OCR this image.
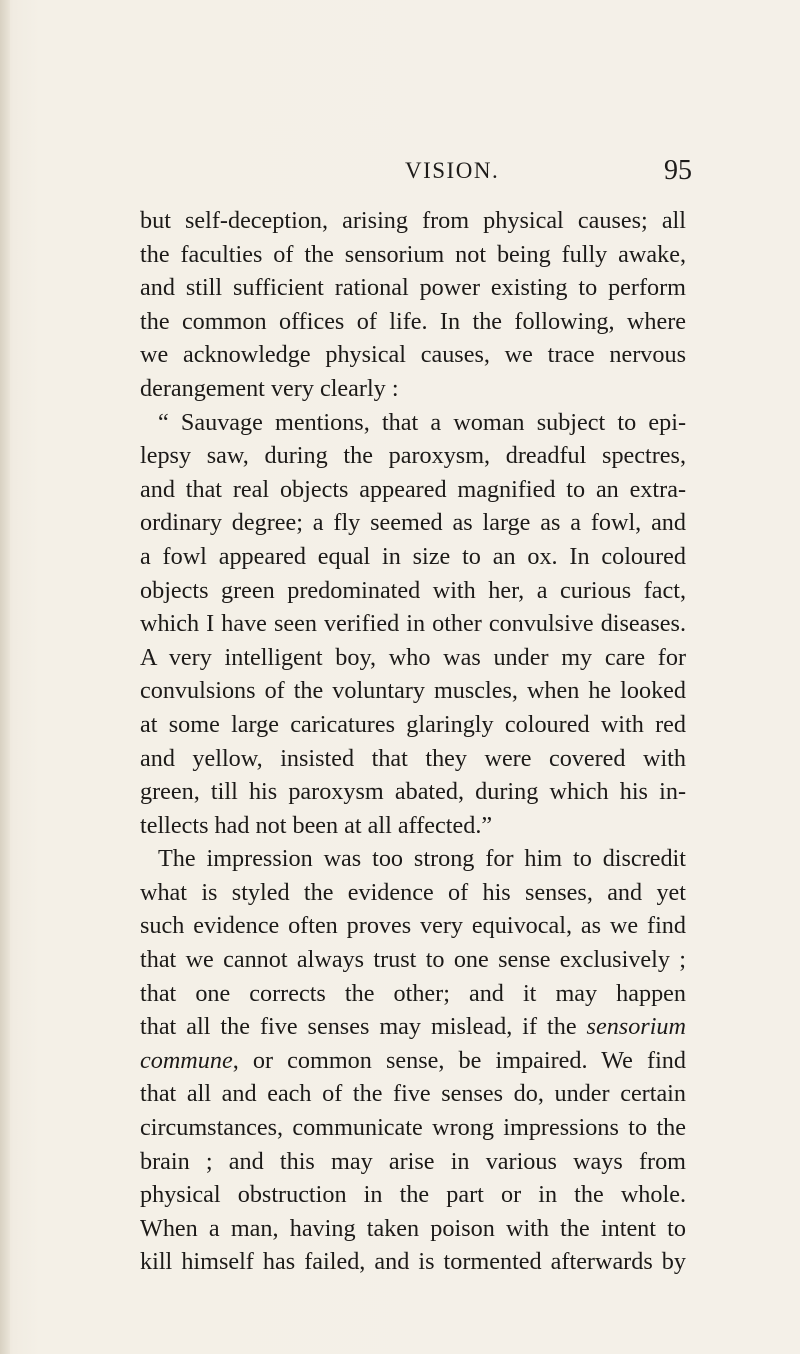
VISION.	95
but self-deception, arising from physical causes; all
the faculties of the sensorium not being fully awake,
and still sufficient rational power existing to perform
the common offices of life. In the following, where
we acknowledge physical causes, we trace nervous
derangement very clearly :
“ Sauvage mentions, that a woman subject to epi-
lepsy saw, during the paroxysm, dreadful spectres,
and that real objects appeared magnified to an extra-
ordinary degree; a fly seemed as large as a fowl, and
a fowl appeared equal in size to an ox. In coloured
objects green predominated with her, a curious fact,
which I have seen verified in other convulsive diseases.
A very intelligent boy, who was under my care for
convulsions of the voluntary muscles, when he looked
at some large caricatures glaringly coloured with red
and yellow, insisted that they were covered with
green, till his paroxysm abated, during which his in-
tellects had not been at all affected.”
The impression was too strong for him to discredit
what is styled the evidence of his senses, and yet
such evidence often proves very equivocal, as we find
that we cannot always trust to one sense exclusively ;
that one corrects the other; and it may happen
that all the five senses may mislead, if the sensorium
commune, or common sense, be impaired. We find
that all and each of the five senses do, under certain
circumstances, communicate wrong impressions to the
brain ; and this may arise in various ways from
physical obstruction in the part or in the whole.
When a man, having taken poison with the intent to
kill himself has failed, and is tormented afterwards by
